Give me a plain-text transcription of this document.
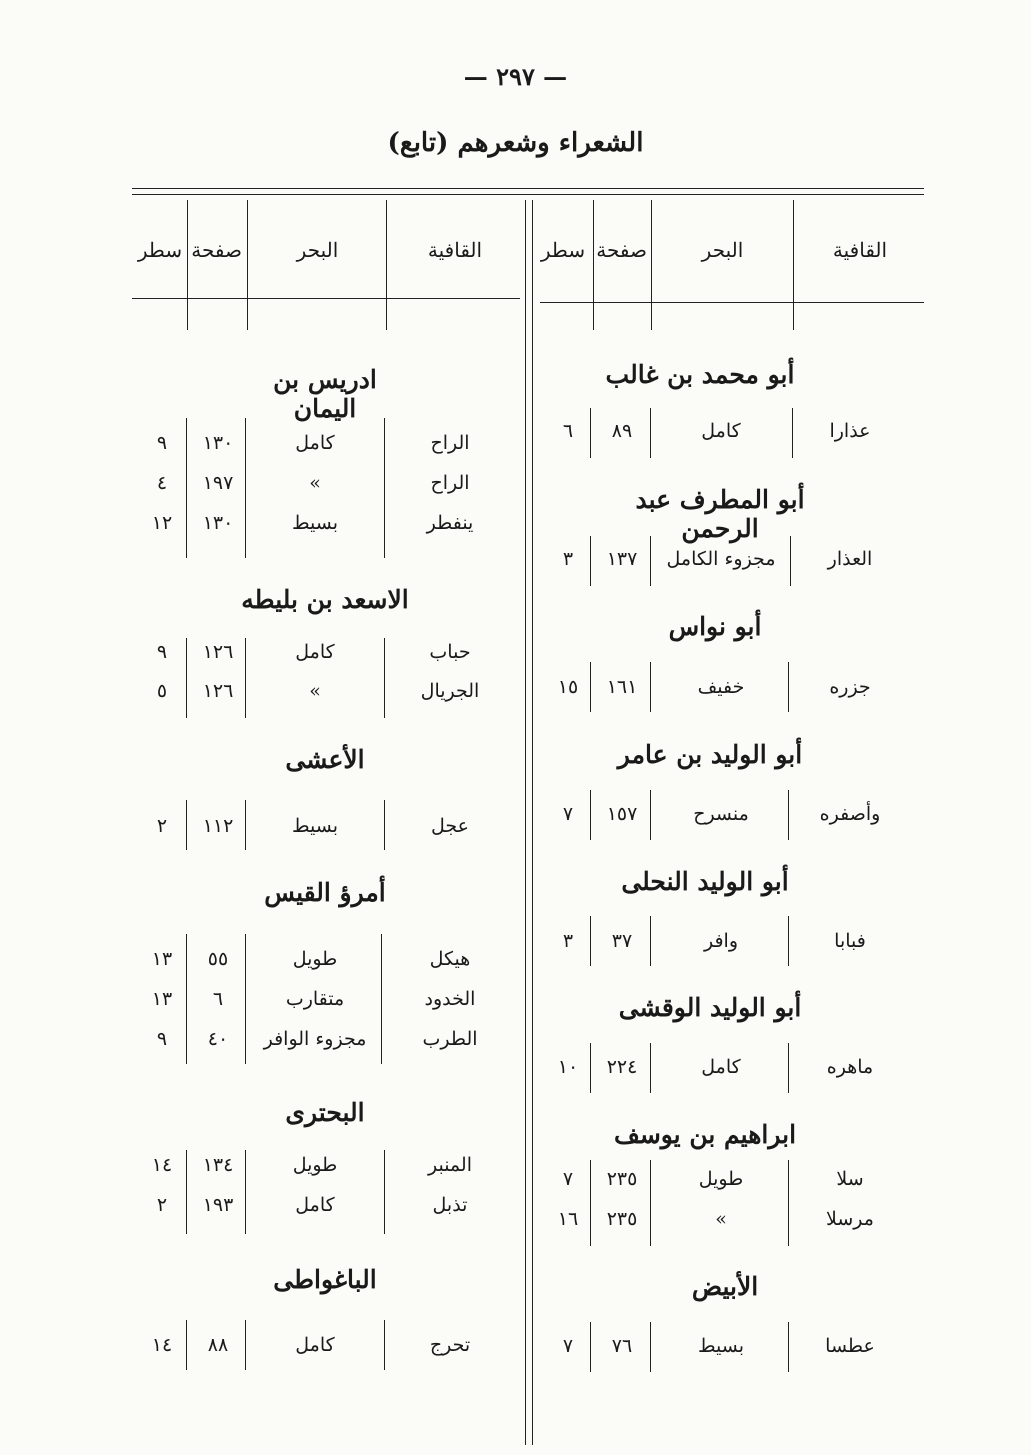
— ٢٩٧ —
(تابع) الشعراء وشعرهم
القافية
البحر
صفحة
سطر
القافية
البحر
صفحة
سطر
أبو محمد بن غالب
عذارا
كامل
٨٩
٦
أبو المطرف عبد الرحمن
العذار
مجزوء الكامل
١٣٧
٣
أبو نواس
جزره
خفيف
١٦١
١٥
أبو الوليد بن عامر
وأصفره
منسرح
١٥٧
٧
أبو الوليد النحلى
فبابا
وافر
٣٧
٣
أبو الوليد الوقشى
ماهره
كامل
٢٢٤
١٠
ابراهيم بن يوسف
سلا
طويل
٢٣٥
٧
مرسلا
»
٢٣٥
١٦
الأبيض
عطسا
بسيط
٧٦
٧
ادريس بن اليمان
الراح
كامل
١٣٠
٩
الراح
»
١٩٧
٤
ينفطر
بسيط
١٣٠
١٢
الاسعد بن بليطه
حباب
كامل
١٢٦
٩
الجريال
»
١٢٦
٥
الأعشى
عجل
بسيط
١١٢
٢
أمرؤ القيس
هيكل
طويل
٥٥
١٣
الخدود
متقارب
٦
١٣
الطرب
مجزوء الوافر
٤٠
٩
البحترى
المنبر
طويل
١٣٤
١٤
تذبل
كامل
١٩٣
٢
الباغواطى
تحرج
كامل
٨٨
١٤
